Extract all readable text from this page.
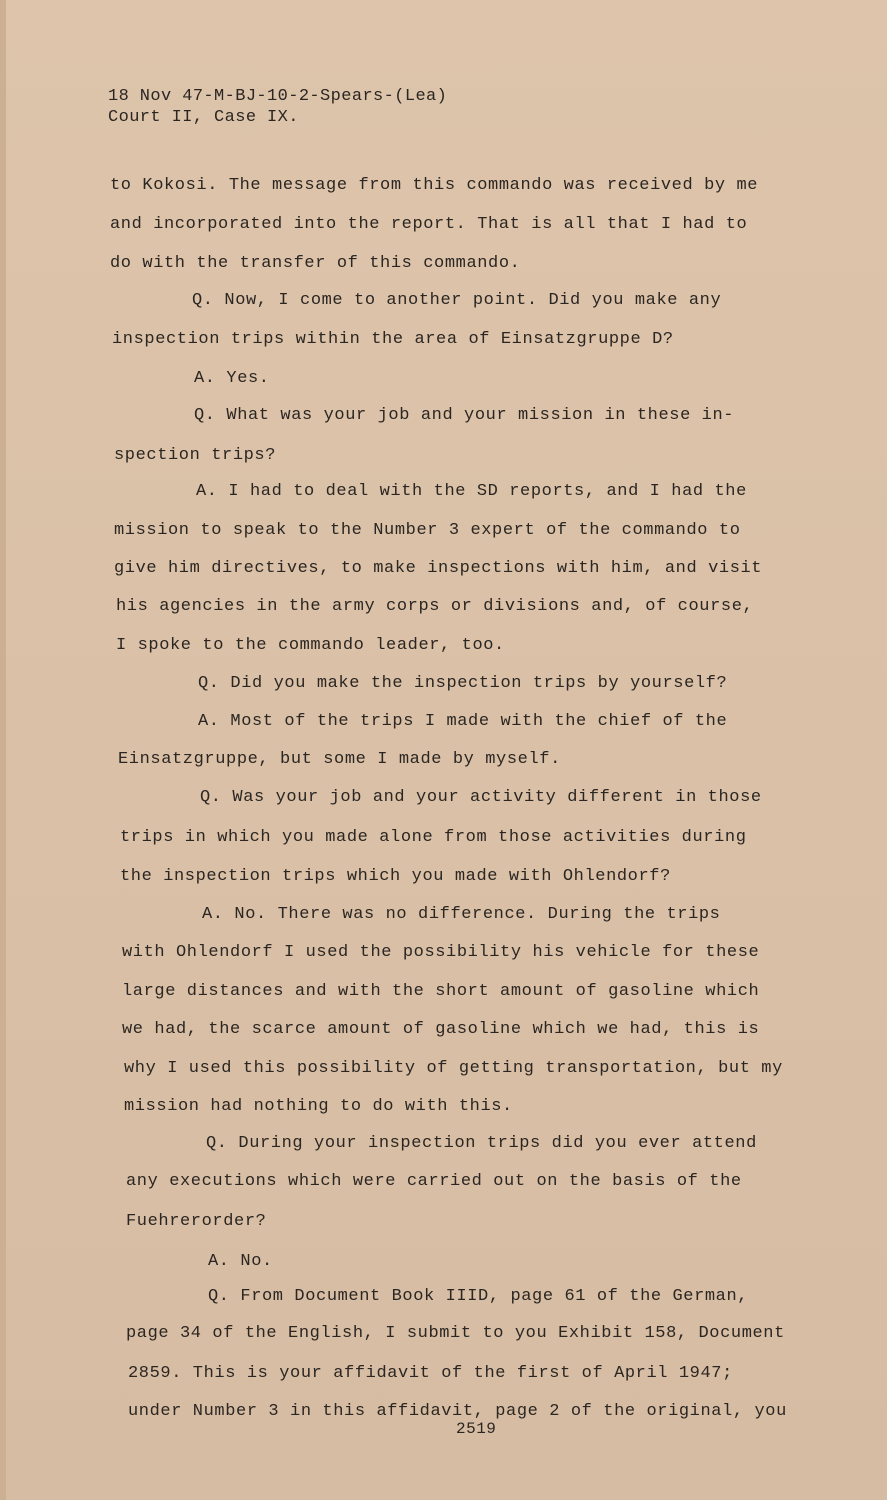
18 Nov 47-M-BJ-10-2-Spears-(Lea)
Court II, Case IX.
to Kokosi. The message from this commando was received by me
and incorporated into the report. That is all that I had to
do with the transfer of this commando.
Q. Now, I come to another point. Did you make any
inspection trips within the area of Einsatzgruppe D?
A. Yes.
Q. What was your job and your mission in these in-
spection trips?
A. I had to deal with the SD reports, and I had the
mission to speak to the Number 3 expert of the commando to
give him directives, to make inspections with him, and visit
his agencies in the army corps or divisions and, of course,
I spoke to the commando leader, too.
Q. Did you make the inspection trips by yourself?
A. Most of the trips I made with the chief of the
Einsatzgruppe, but some I made by myself.
Q. Was your job and your activity different in those
trips in which you made alone from those activities during
the inspection trips which you made with Ohlendorf?
A. No. There was no difference. During the trips
with Ohlendorf I used the possibility his vehicle for these
large distances and with the short amount of gasoline which
we had, the scarce amount of gasoline which we had, this is
why I used this possibility of getting transportation, but my
mission had nothing to do with this.
Q. During your inspection trips did you ever attend
any executions which were carried out on the basis of the
Fuehrerorder?
A. No.
Q. From Document Book IIID, page 61 of the German,
page 34 of the English, I submit to you Exhibit 158, Document
2859. This is your affidavit of the first of April 1947;
under Number 3 in this affidavit, page 2 of the original, you
2519
